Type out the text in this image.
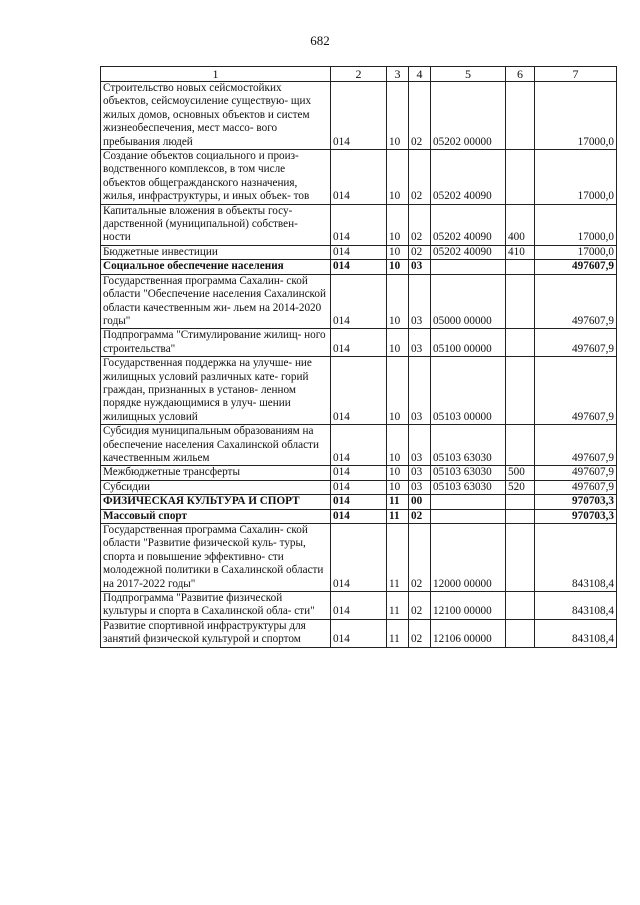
682
1	2	3	4	5	6	7
Строительство новых сейсмостойких объектов, сейсмоусиление существую- щих жилых домов, основных объектов и систем жизнеобеспечения, мест массо- вого пребывания людей	014	10	02	05202 00000		17000,0
Создание объектов социального и произ- водственного комплексов, в том числе объектов общегражданского назначения, жилья, инфраструктуры, и иных объек- тов	014	10	02	05202 40090		17000,0
Капитальные вложения в объекты госу- дарственной (муниципальной) собствен- ности	014	10	02	05202 40090	400	17000,0
Бюджетные инвестиции	014	10	02	05202 40090	410	17000,0
Социальное обеспечение населения	014	10	03			497607,9
Государственная программа Сахалин- ской области "Обеспечение населения Сахалинской области качественным жи- льем на 2014-2020 годы"	014	10	03	05000 00000		497607,9
Подпрограмма "Стимулирование жилищ- ного строительства"	014	10	03	05100 00000		497607,9
Государственная поддержка на улучше- ние жилищных условий различных кате- горий граждан, признанных в установ- ленном порядке нуждающимися в улуч- шении жилищных условий	014	10	03	05103 00000		497607,9
Субсидия муниципальным образованиям на обеспечение населения Сахалинской области качественным жильем	014	10	03	05103 63030		497607,9
Межбюджетные трансферты	014	10	03	05103 63030	500	497607,9
Субсидии	014	10	03	05103 63030	520	497607,9
ФИЗИЧЕСКАЯ КУЛЬТУРА И СПОРТ	014	11	00			970703,3
Массовый спорт	014	11	02			970703,3
Государственная программа Сахалин- ской области "Развитие физической куль- туры, спорта и повышение эффективно- сти молодежной политики в Сахалинской области на 2017-2022 годы"	014	11	02	12000 00000		843108,4
Подпрограмма "Развитие физической культуры и спорта в Сахалинской обла- сти"	014	11	02	12100 00000		843108,4
Развитие спортивной инфраструктуры для занятий физической культурой и спортом	014	11	02	12106 00000		843108,4
